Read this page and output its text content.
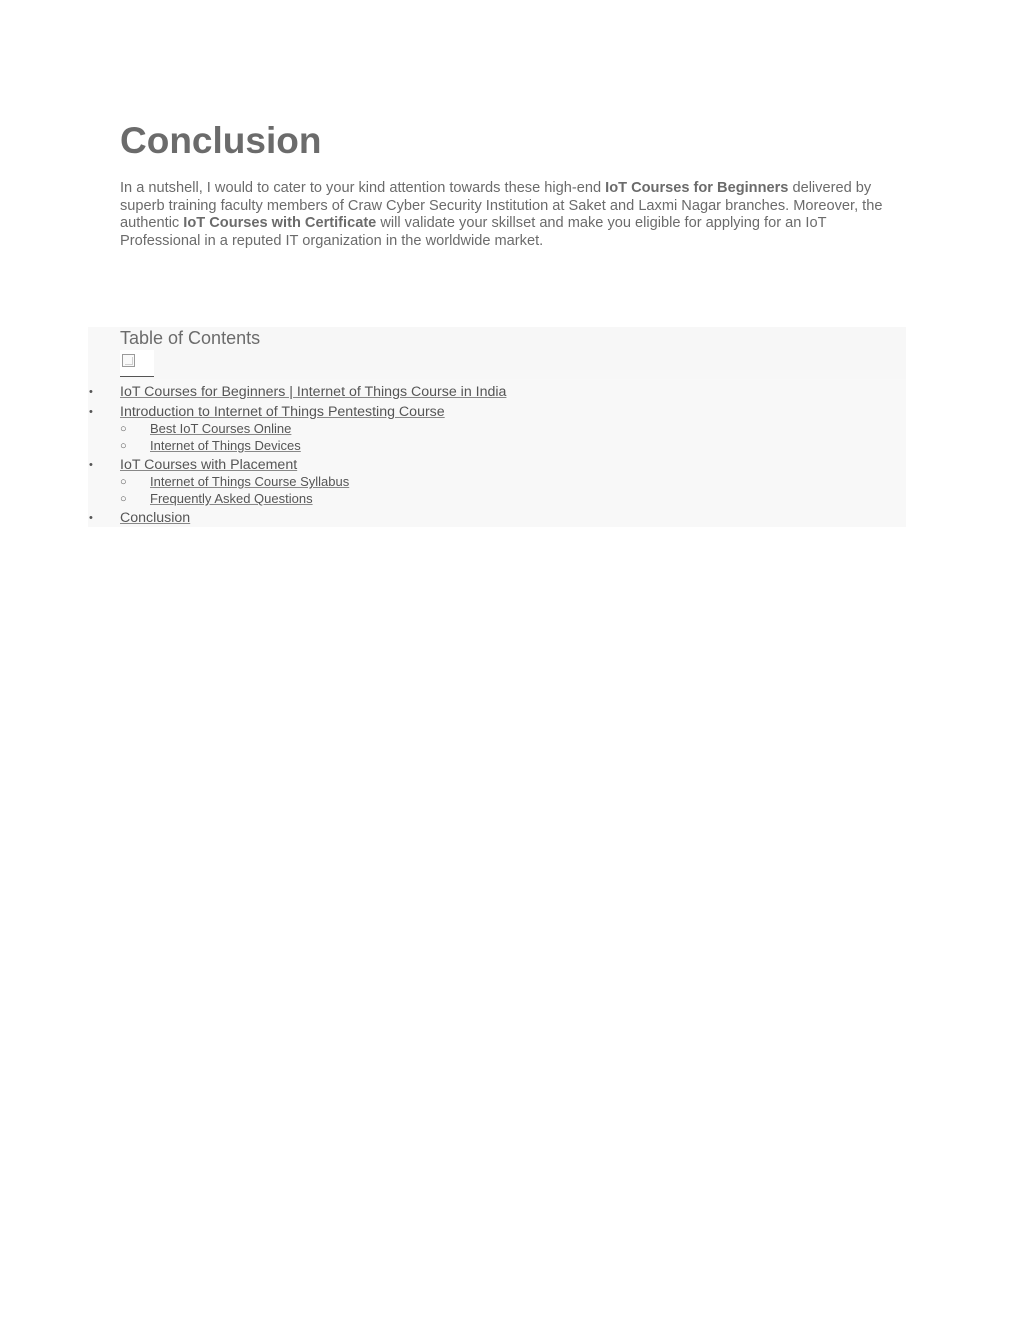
Conclusion

In a nutshell, I would to cater to your kind attention towards these high-end IoT Courses for Beginners delivered by superb training faculty members of Craw Cyber Security Institution at Saket and Laxmi Nagar branches. Moreover, the authentic IoT Courses with Certificate will validate your skillset and make you eligible for applying for an IoT Professional in a reputed IT organization in the worldwide market.

Table of Contents
• IoT Courses for Beginners | Internet of Things Course in India
• Introduction to Internet of Things Pentesting Course
○ Best IoT Courses Online
○ Internet of Things Devices
• IoT Courses with Placement
○ Internet of Things Course Syllabus
○ Frequently Asked Questions
• Conclusion
